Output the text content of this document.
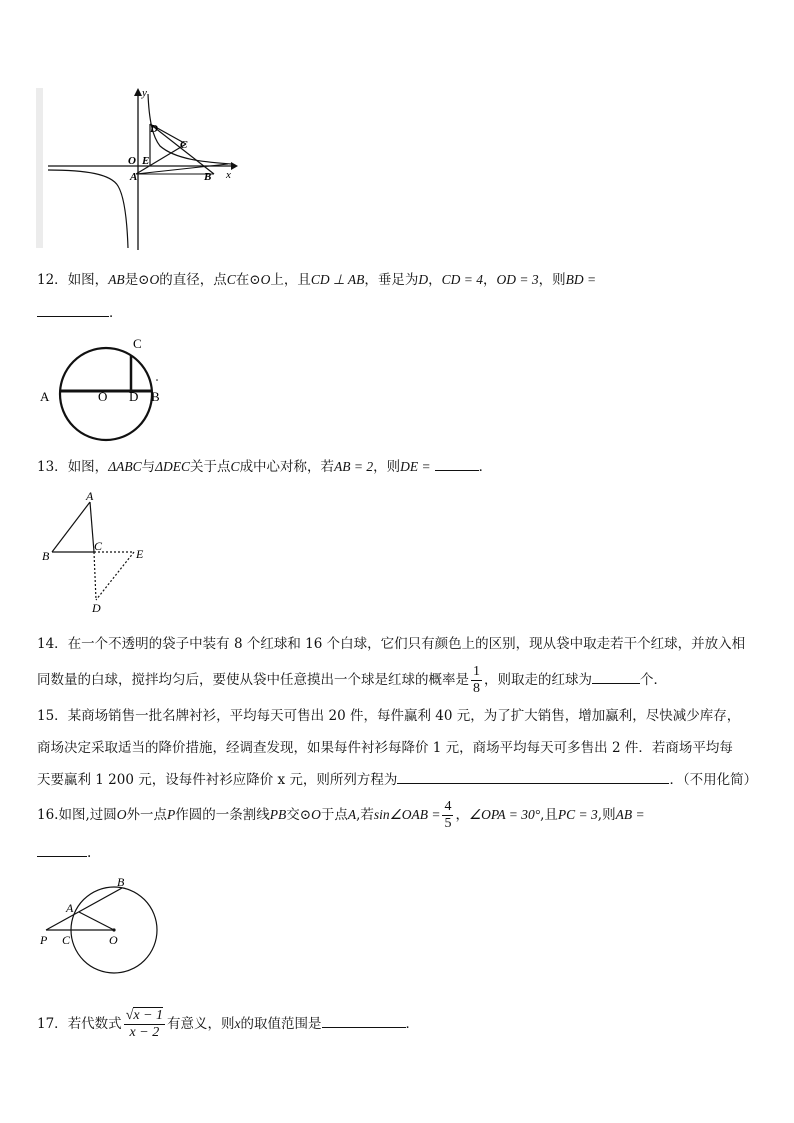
y
D
C
O E
A	B x
12．如图，AB是⊙O的直径，点C在⊙O上，且CD ⊥ AB，垂足为D，CD = 4，OD = 3，则BD =
．
C
A	O D B
13．如图，ΔABC与ΔDEC关于点C成中心对称，若AB = 2，则DE =	．
A
B
C
E
D
14．在一个不透明的袋子中装有 8 个红球和 16 个白球，它们只有颜色上的区别，现从袋中取走若干个红球，并放入相
同数量的白球，搅拌均匀后，要使从袋中任意摸出一个球是红球的概率是 $\frac{1}{8}$ ，则取走的红球为	个．
15．某商场销售一批名牌衬衫，平均每天可售出 20 件，每件赢利 40 元，为了扩大销售，增加赢利，尽快减少库存，
商场决定采取适当的降价措施，经调查发现，如果每件衬衫每降价 1 元，商场平均每天可多售出 2 件．若商场平均每
天要赢利 1 200 元，设每件衬衫应降价 x 元，则所列方程为	．（不用化简）
16.如图,过圆O外一点P作圆的一条割线PB交⊙O于点A,若sin∠OAB = $\frac{4}{5}$ ，∠OPA = 30°,且PC = 3,则AB =
.
B
A
P C	O
17．若代数式 $\frac{√x - 1}{x - 2}$ 有意义，则x的取值范围是	．
